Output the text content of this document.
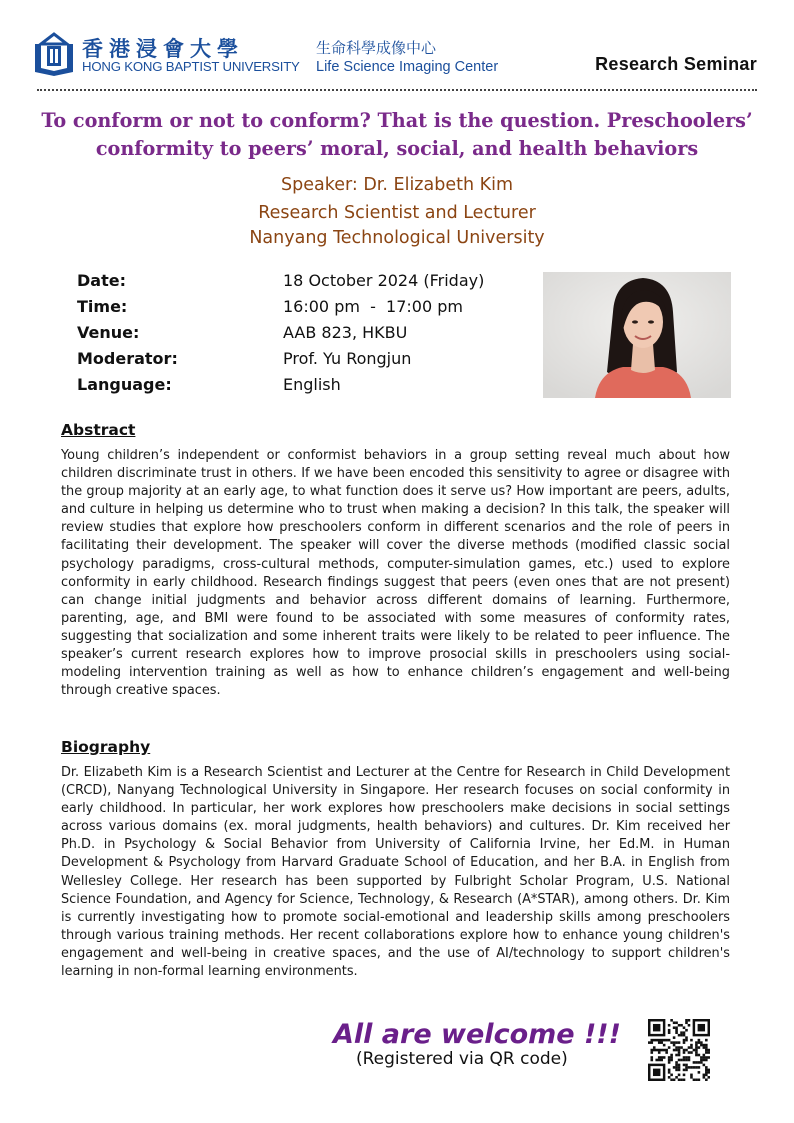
香港浸會大學
HONG KONG BAPTIST UNIVERSITY
生命科學成像中心
Life Science Imaging Center	Research Seminar
To conform or not to conform? That is the question. Preschoolers’ conformity to peers’ moral, social, and health behaviors
Speaker: Dr. Elizabeth Kim
Research Scientist and Lecturer
Nanyang Technological University
Date:	18 October 2024 (Friday)
Time:	16:00 pm  -  17:00 pm
Venue:	AAB 823, HKBU
Moderator:	Prof. Yu Rongjun
Language:	English
Abstract
Young children’s independent or conformist behaviors in a group setting reveal much about how children discriminate trust in others. If we have been encoded this sensitivity to agree or disagree with the group majority at an early age, to what function does it serve us? How important are peers, adults, and culture in helping us determine who to trust when making a decision? In this talk, the speaker will review studies that explore how preschoolers conform in different scenarios and the role of peers in facilitating their development. The speaker will cover the diverse methods (modified classic social psychology paradigms, cross-cultural methods, computer-simulation games, etc.) used to explore conformity in early childhood. Research findings suggest that peers (even ones that are not present) can change initial judgments and behavior across different domains of learning. Furthermore, parenting, age, and BMI were found to be associated with some measures of conformity rates, suggesting that socialization and some inherent traits were likely to be related to peer influence. The speaker’s current research explores how to improve prosocial skills in preschoolers using social-modeling intervention training as well as how to enhance children’s engagement and well-being through creative spaces.
Biography
Dr. Elizabeth Kim is a Research Scientist and Lecturer at the Centre for Research in Child Development (CRCD), Nanyang Technological University in Singapore. Her research focuses on social conformity in early childhood. In particular, her work explores how preschoolers make decisions in social settings across various domains (ex. moral judgments, health behaviors) and cultures. Dr. Kim received her Ph.D. in Psychology & Social Behavior from University of California Irvine, her Ed.M. in Human Development & Psychology from Harvard Graduate School of Education, and her B.A. in English from Wellesley College. Her research has been supported by Fulbright Scholar Program, U.S. National Science Foundation, and Agency for Science, Technology, & Research (A*STAR), among others. Dr. Kim is currently investigating how to promote social-emotional and leadership skills among preschoolers through various training methods. Her recent collaborations explore how to enhance young children's engagement and well-being in creative spaces, and the use of AI/technology to support children's learning in non-formal learning environments.
All are welcome !!!
(Registered via QR code)
